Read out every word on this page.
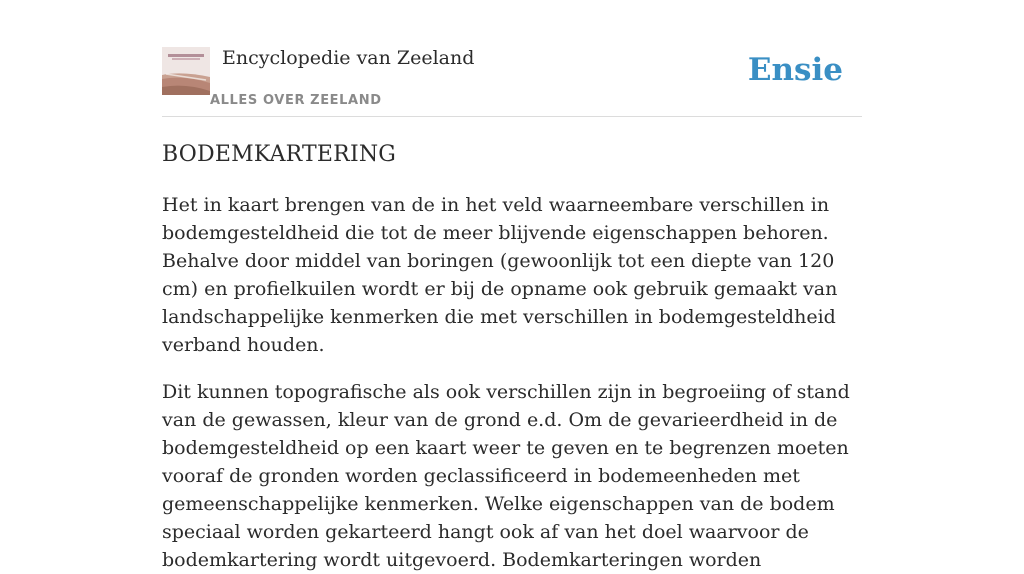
Encyclopedie van Zeeland
ALLES OVER ZEELAND
Ensie
BODEMKARTERING

Het in kaart brengen van de in het veld waarneembare verschillen in bodemgesteldheid die tot de meer blijvende eigenschappen behoren. Behalve door middel van boringen (gewoonlijk tot een diepte van 120 cm) en profielkuilen wordt er bij de opname ook gebruik gemaakt van landschappelijke kenmerken die met verschillen in bodemgesteldheid verband houden.

Dit kunnen topografische als ook verschillen zijn in begroeiing of stand van de gewassen, kleur van de grond e.d. Om de gevarieerdheid in de bodemgesteldheid op een kaart weer te geven en te begrenzen moeten vooraf de gronden worden geclassificeerd in bodemeenheden met gemeenschappelijke kenmerken. Welke eigenschappen van de bodem speciaal worden gekarteerd hangt ook af van het doel waarvoor de bodemkartering wordt uitgevoerd. Bodemkarteringen worden
